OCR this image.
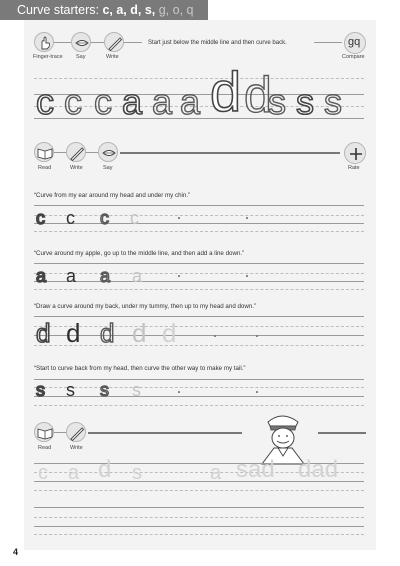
Curve starters: c, a, d, s, g, o, q
Finger-trace Say	Write
Start just below the middle line and then curve back.	gq
Compare
c c c a a a d d
s s s
Read	Write	Say	Rate
“Curve from my ear around my head and under my chin.”
c c c c
“Curve around my apple, go up to the middle line, and then add a line down.”
a a a a
“Draw a curve around my back, under my tummy, then up to my head and down.”
d d d d d
“Start to curve back from my head, then curve the other way to make my tail.”
s s s s
Read	Write
c a d s	a sad dad
4
